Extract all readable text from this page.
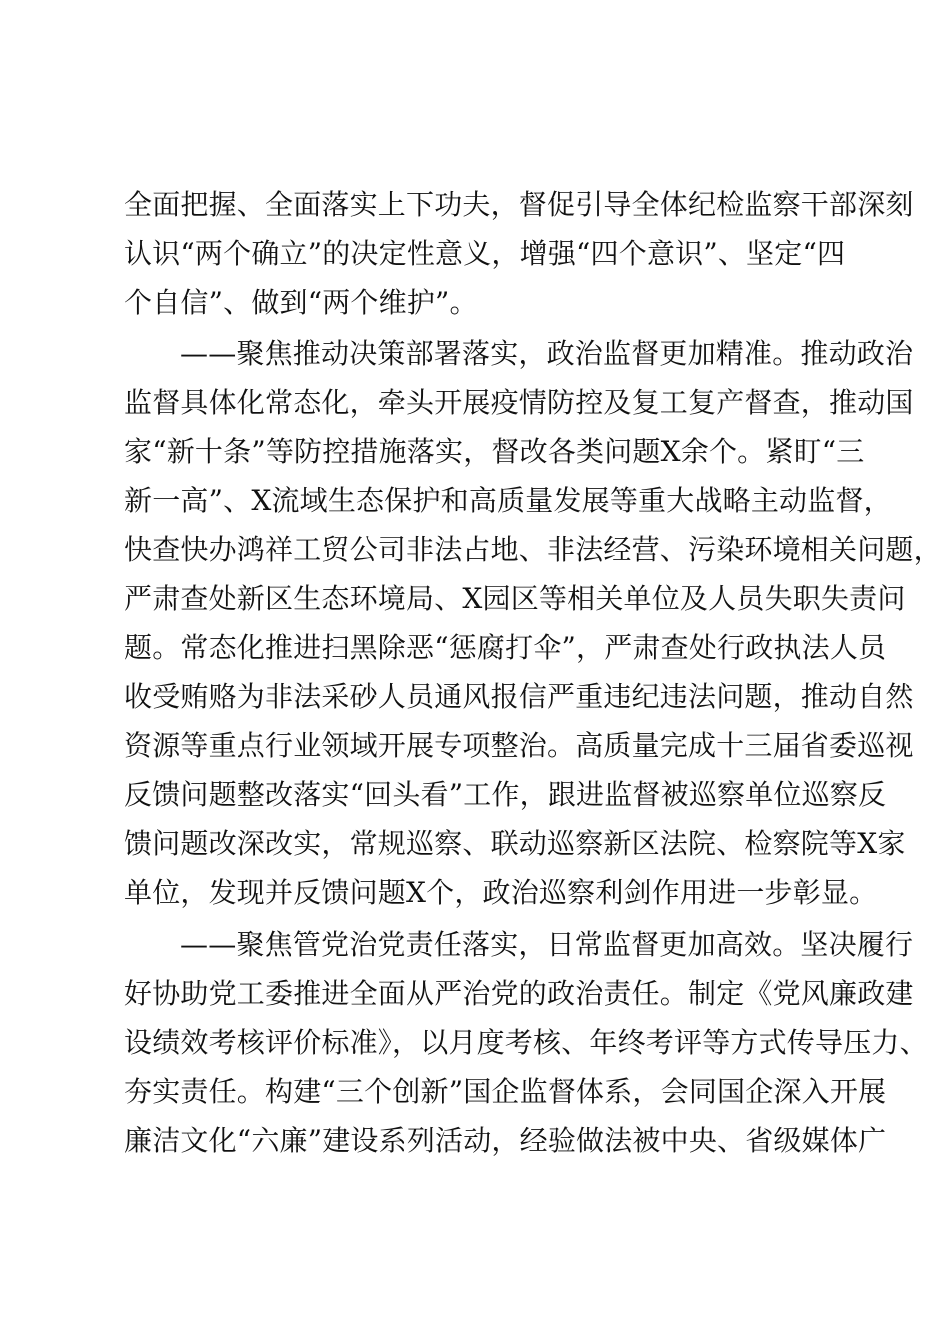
全面把握、全面落实上下功夫，督促引导全体纪检监察干部深刻
认识“两个确立”的决定性意义，增强“四个意识”、坚定“四
个自信”、做到“两个维护”。
——聚焦推动决策部署落实，政治监督更加精准。推动政治
监督具体化常态化，牵头开展疫情防控及复工复产督查，推动国
家“新十条”等防控措施落实，督改各类问题X余个。紧盯“三
新一高”、X流域生态保护和高质量发展等重大战略主动监督，
快查快办鸿祥工贸公司非法占地、非法经营、污染环境相关问题，
严肃查处新区生态环境局、X园区等相关单位及人员失职失责问
题。常态化推进扫黑除恶“惩腐打伞”，严肃查处行政执法人员
收受贿赂为非法采砂人员通风报信严重违纪违法问题，推动自然
资源等重点行业领域开展专项整治。高质量完成十三届省委巡视
反馈问题整改落实“回头看”工作，跟进监督被巡察单位巡察反
馈问题改深改实，常规巡察、联动巡察新区法院、检察院等X家
单位，发现并反馈问题X个，政治巡察利剑作用进一步彰显。
——聚焦管党治党责任落实，日常监督更加高效。坚决履行
好协助党工委推进全面从严治党的政治责任。制定《党风廉政建
设绩效考核评价标准》，以月度考核、年终考评等方式传导压力、
夯实责任。构建“三个创新”国企监督体系，会同国企深入开展
廉洁文化“六廉”建设系列活动，经验做法被中央、省级媒体广
